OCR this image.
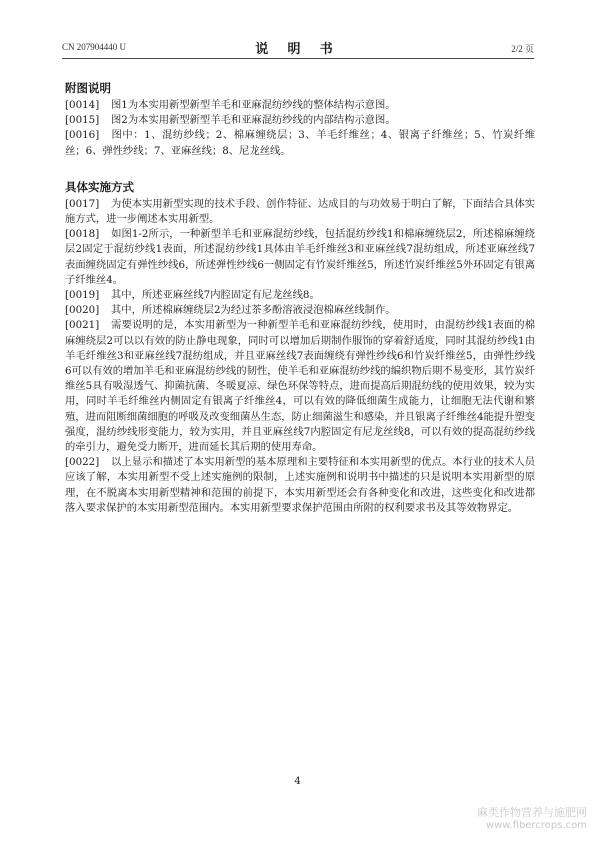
CN 207904440 U	说 明 书	2/2 页
附图说明

[0014] 图1为本实用新型新型羊毛和亚麻混纺纱线的整体结构示意图。

[0015] 图2为本实用新型新型羊毛和亚麻混纺纱线的内部结构示意图。

[0016] 图中：1、混纺纱线；2、棉麻缠绕层；3、羊毛纤维丝；4、银离子纤维丝；5、竹炭纤维丝；6、弹性纱线；7、亚麻丝线；8、尼龙丝线。

具体实施方式

[0017] 为使本实用新型实现的技术手段、创作特征、达成目的与功效易于明白了解，下面结合具体实施方式，进一步阐述本实用新型。

[0018] 如图1-2所示，一种新型羊毛和亚麻混纺纱线，包括混纺纱线1和棉麻缠绕层2，所述棉麻缠绕层2固定于混纺纱线1表面，所述混纺纱线1具体由羊毛纤维丝3和亚麻丝线7混纺组成，所述亚麻丝线7表面缠绕固定有弹性纱线6，所述弹性纱线6一侧固定有竹炭纤维丝5，所述竹炭纤维丝5外环固定有银离子纤维丝4。

[0019] 其中，所述亚麻丝线7内腔固定有尼龙丝线8。

[0020] 其中，所述棉麻缠绕层2为经过茶多酚溶液浸泡棉麻丝线制作。

[0021] 需要说明的是，本实用新型为一种新型羊毛和亚麻混纺纱线，使用时，由混纺纱线1表面的棉麻缠绕层2可以以有效的防止静电现象，同时可以增加后期制作服饰的穿着舒适度，同时其混纺纱线1由羊毛纤维丝3和亚麻丝线7混纺组成，并且亚麻丝线7表面缠绕有弹性纱线6和竹炭纤维丝5，由弹性纱线6可以有效的增加羊毛和亚麻混纺纱线的韧性，使羊毛和亚麻混纺纱线的编织物后期不易变形，其竹炭纤维丝5具有吸湿透气、抑菌抗菌、冬暖夏凉、绿色环保等特点，进而提高后期混纺线的使用效果，较为实用，同时羊毛纤维丝内侧固定有银离子纤维丝4，可以有效的降低细菌生成能力，让细胞无法代谢和繁殖，进而阻断细菌细胞的呼吸及改变细菌丛生态，防止细菌滋生和感染，并且银离子纤维丝4能提升塑变强度，混纺纱线形变能力，较为实用，并且亚麻丝线7内腔固定有尼龙丝线8，可以有效的提高混纺纱线的牵引力，避免受力断开，进而延长其后期的使用寿命。

[0022] 以上显示和描述了本实用新型的基本原理和主要特征和本实用新型的优点。本行业的技术人员应该了解，本实用新型不受上述实施例的限制，上述实施例和说明书中描述的只是说明本实用新型的原理，在不脱离本实用新型精神和范围的前提下，本实用新型还会有各种变化和改进，这些变化和改进都落入要求保护的本实用新型范围内。本实用新型要求保护范围由所附的权利要求书及其等效物界定。

4
麻类作物营养与施肥网
www.fibercrops.com
